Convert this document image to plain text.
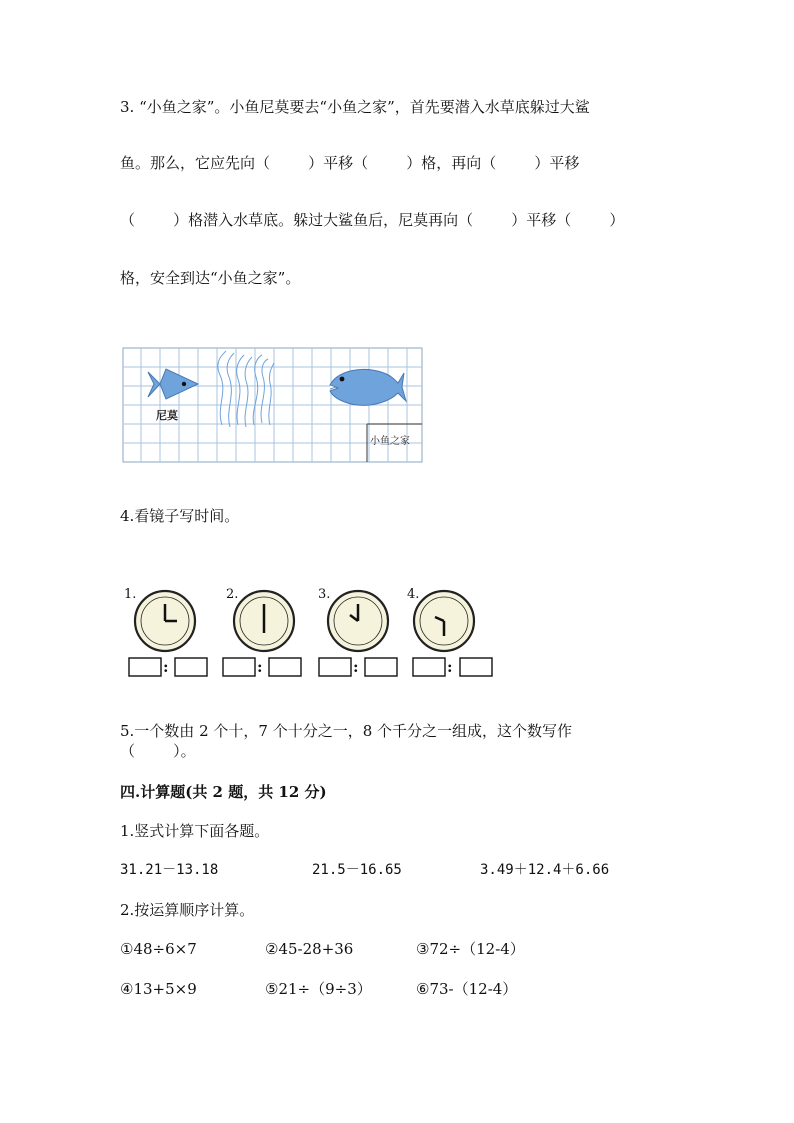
3. “小鱼之家”。小鱼尼莫要去“小鱼之家”，首先要潜入水草底躲过大鲨
鱼。那么，它应先向（        ）平移（        ）格，再向（        ）平移
（        ）格潜入水草底。躲过大鲨鱼后，尼莫再向（        ）平移（        ）
格，安全到达“小鱼之家”。
尼莫
小鱼之家
4.看镜子写时间。
1.
:
2.
:
3.
:
4.
:
5.一个数由 2 个十，7 个十分之一，8 个千分之一组成，这个数写作
（        ）。
四.计算题(共 2 题，共 12 分)
1.竖式计算下面各题。
31.21－13.18	21.5－16.65	3.49＋12.4＋6.66
2.按运算顺序计算。
①48÷6×7	②45-28+36	③72÷（12-4）
④13+5×9	⑤21÷（9÷3）	⑥73-（12-4）
